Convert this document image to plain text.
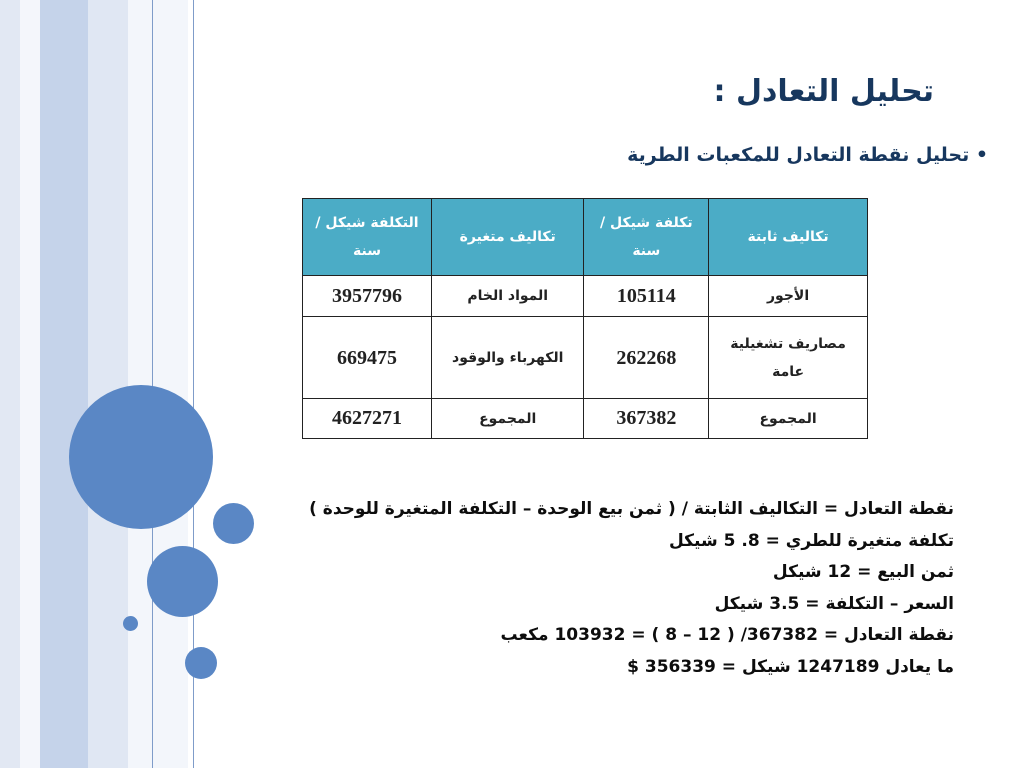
تحليل التعادل :
• تحليل نقطة التعادل للمكعبات الطرية
تكاليف ثابتة	تكلفة شيكل / سنة	تكاليف متغيرة	التكلفة شيكل /سنة
الأجور	105114	المواد الخام	3957796
مصاريف تشغيلية عامة	262268	الكهرباء والوقود	669475
المجموع	367382	المجموع	4627271
نقطة التعادل = التكاليف الثابتة / ( ثمن بيع الوحدة – التكلفة المتغيرة للوحدة )
تكلفة متغيرة للطري = 8. 5 شيكل
ثمن البيع = 12 شيكل
السعر – التكلفة = 3.5 شيكل
نقطة التعادل = 367382/ ( 12 – 8 ) = 103932 مكعب
ما يعادل 1247189 شيكل = 356339 $
